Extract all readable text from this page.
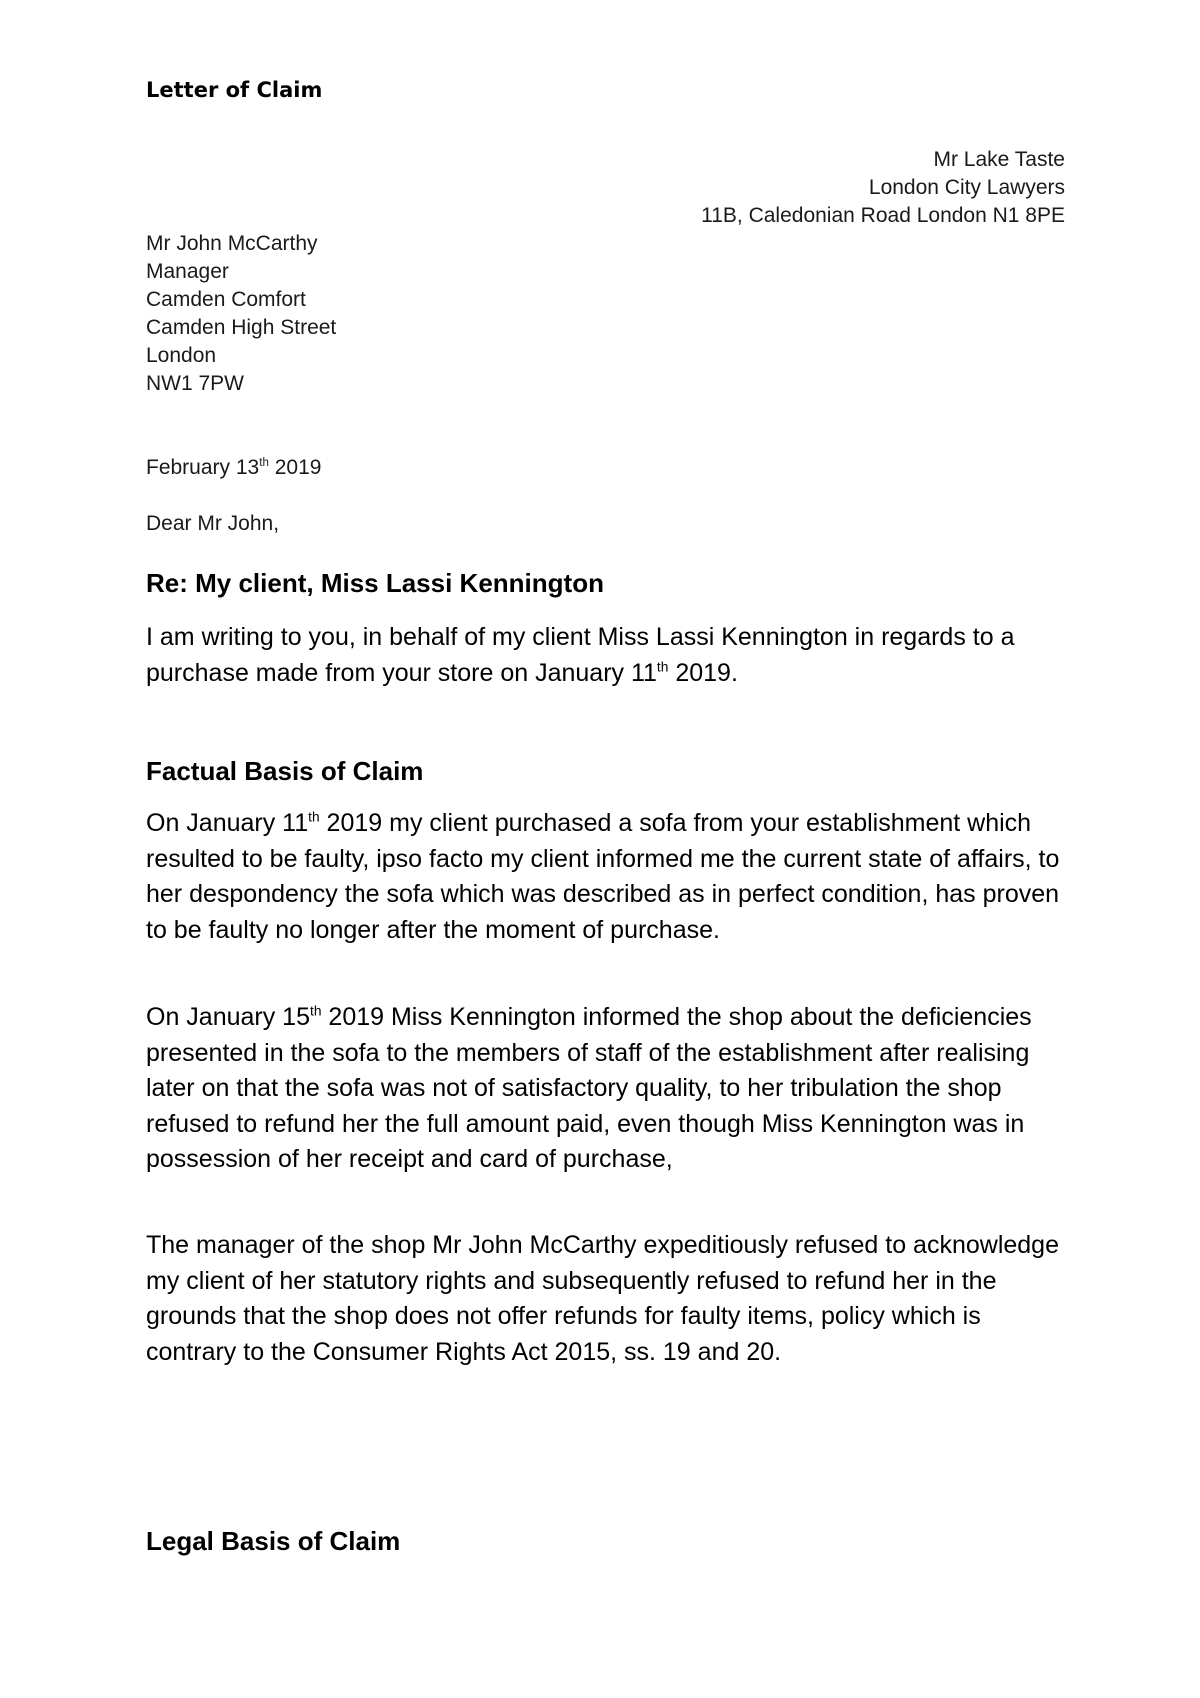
Letter of Claim
Mr Lake Taste
London City Lawyers
11B, Caledonian Road London N1 8PE
Mr John McCarthy
Manager
Camden Comfort
Camden High Street
London
NW1 7PW
February 13th 2019
Dear Mr John,
Re: My client, Miss Lassi Kennington

I am writing to you, in behalf of my client Miss Lassi Kennington in regards to a purchase made from your store on January 11th 2019.

Factual Basis of Claim

On January 11th 2019 my client purchased a sofa from your establishment which resulted to be faulty, ipso facto my client informed me the current state of affairs, to her despondency the sofa which was described as in perfect condition, has proven to be faulty no longer after the moment of purchase.

On January 15th 2019 Miss Kennington informed the shop about the deficiencies presented in the sofa to the members of staff of the establishment after realising later on that the sofa was not of satisfactory quality, to her tribulation the shop refused to refund her the full amount paid, even though Miss Kennington was in possession of her receipt and card of purchase,

The manager of the shop Mr John McCarthy expeditiously refused to acknowledge my client of her statutory rights and subsequently refused to refund her in the grounds that the shop does not offer refunds for faulty items, policy which is contrary to the Consumer Rights Act 2015, ss. 19 and 20.

Legal Basis of Claim
